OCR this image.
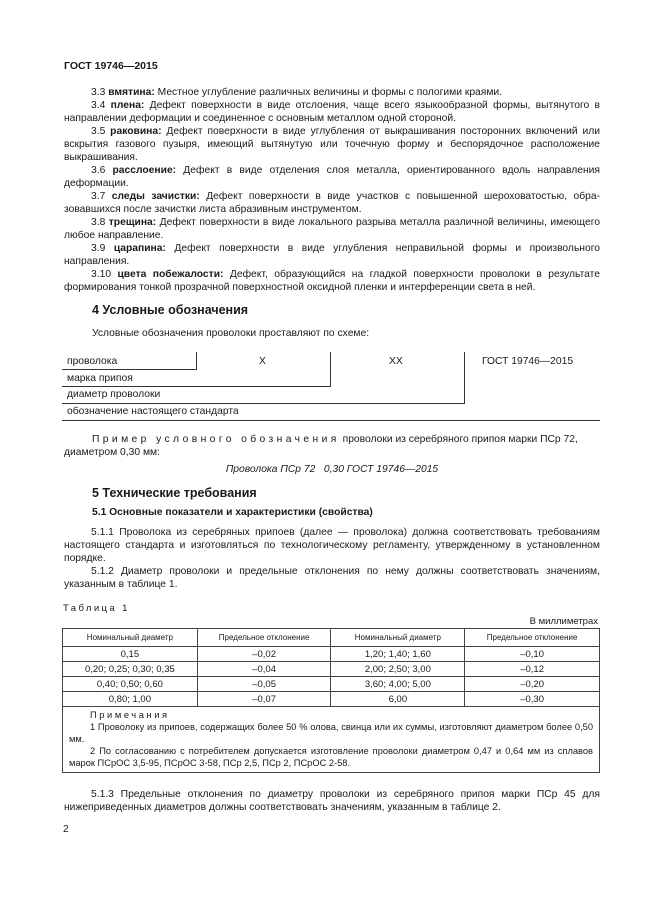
ГОСТ 19746—2015
3.3 вмятина: Местное углубление различных величины и формы с пологими краями.
3.4 плена: Дефект поверхности в виде отслоения, чаще всего языкообразной формы, вытянутого в направлении деформации и соединенное с основным металлом одной стороной.
3.5 раковина: Дефект поверхности в виде углубления от выкрашивания посторонних включений или вскрытия газового пузыря, имеющий вытянутую или точечную форму и беспорядочное расположение выкрашивания.
3.6 расслоение: Дефект в виде отделения слоя металла, ориентированного вдоль направления деформации.
3.7 следы зачистки: Дефект поверхности в виде участков с повышенной шероховатостью, образовавшихся после зачистки листа абразивным инструментом.
3.8 трещина: Дефект поверхности в виде локального разрыва металла различной величины, имеющего любое направление.
3.9 царапина: Дефект поверхности в виде углубления неправильной формы и произвольного направления.
3.10 цвета побежалости: Дефект, образующийся на гладкой поверхности проволоки в результате формирования тонкой прозрачной поверхностной оксидной пленки и интерференции света в ней.
4 Условные обозначения
Условные обозначения проволоки проставляют по схеме:
проволока	X	XX	ГОСТ 19746—2015
марка припоя
диаметр проволоки
обозначение настоящего стандарта
Пример условного обозначения проволоки из серебряного припоя марки ПСр 72,
диаметром 0,30 мм:
Проволока ПСр 72   0,30 ГОСТ 19746—2015
5 Технические требования
5.1 Основные показатели и характеристики (свойства)
5.1.1 Проволока из серебряных припоев (далее — проволока) должна соответствовать требованиям настоящего стандарта и изготовляться по технологическому регламенту, утвержденному в установленном порядке.
5.1.2 Диаметр проволоки и предельные отклонения по нему должны соответствовать значениям, указанным в таблице 1.
Таблица 1
В миллиметрах
Номинальный диаметр	Предельное отклонение	Номинальный диаметр	Предельное отклонение
0,15	–0,02	1,20; 1,40; 1,60	–0,10
0,20; 0,25; 0,30; 0,35	–0,04	2,00; 2,50; 3,00	–0,12
0,40; 0,50; 0,60	–0,05	3,60; 4,00; 5,00	–0,20
0,80; 1,00	–0,07	6,00	–0,30

Примечания
1 Проволоку из припоев, содержащих более 50 % олова, свинца или их суммы, изготовляют диаметром более 0,50 мм.
2 По согласованию с потребителем допускается изготовление проволоки диаметром 0,47 и 0,64 мм из сплавов марок ПСрОС 3,5-95, ПСрОС 3-58, ПСр 2,5, ПСр 2, ПСрОС 2-58.			
5.1.3 Предельные отклонения по диаметру проволоки из серебряного припоя марки ПСр 45 для нижеприведенных диаметров должны соответствовать значениям, указанным в таблице 2.
2
